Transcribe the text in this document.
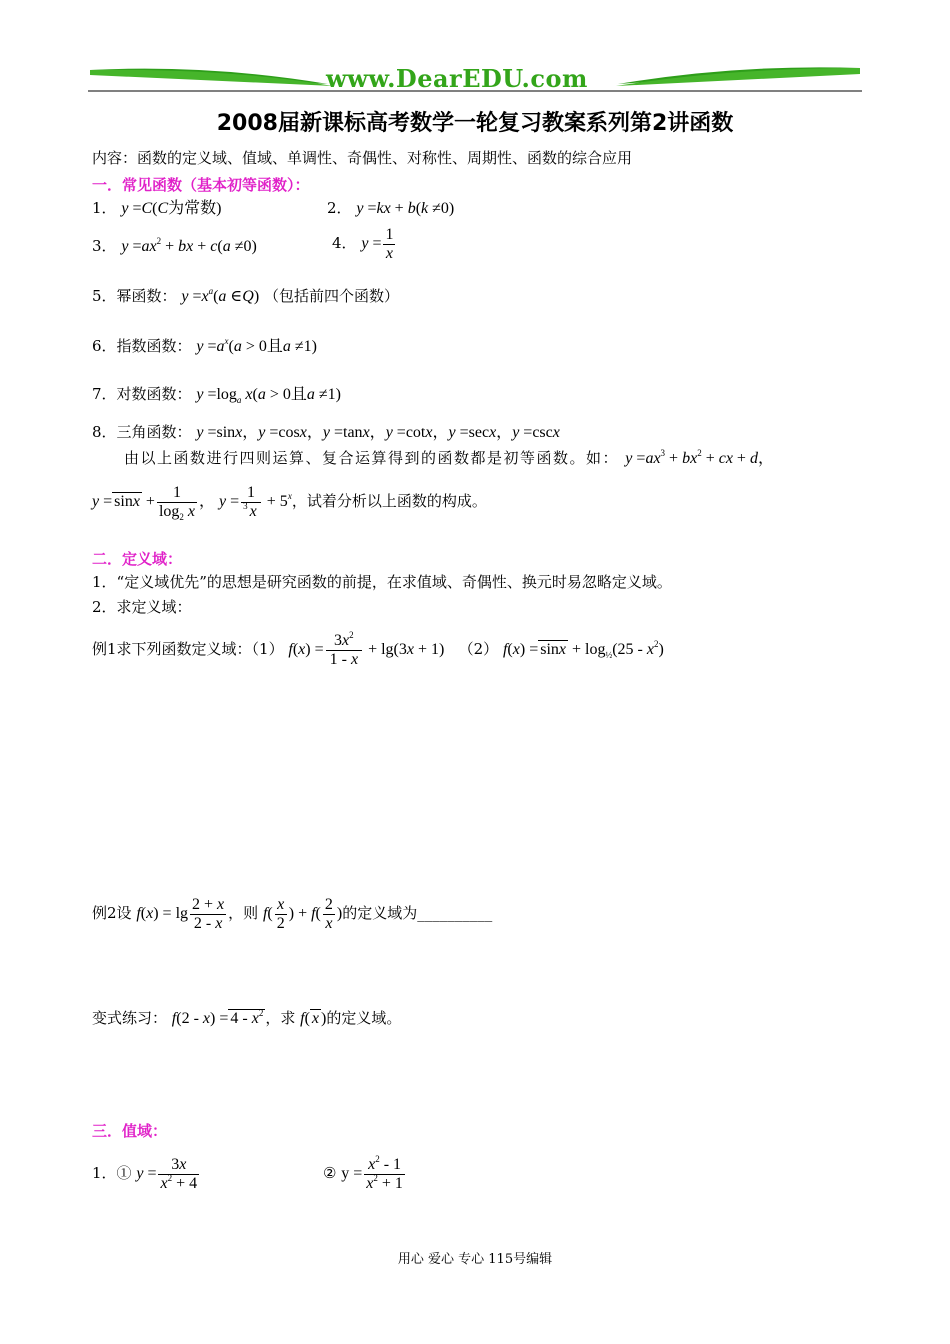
www.DearEDU.com
2008届新课标高考数学一轮复习教案系列第2讲函数
内容：函数的定义域、值域、单调性、奇偶性、对称性、周期性、函数的综合应用
一．常见函数（基本初等函数）：
1． y =C(C为常数)	2． y =kx + b(k ≠0)
3． $y =ax^2$ + bx + c(a ≠0)	4． $y = \frac{1}{x}$
5．幂函数： $y =x^a(a$ ∈Q) （包括前四个函数）
6．指数函数： $y =a^x(a > 0$且a ≠1)
7．对数函数： $y =\log_a$ x(a > 0且a ≠1)
8．三角函数： y =sinx，y =cosx，y =tanx，y =cotx，y =secx，y =cscx
由以上函数进行四则运算、复合运算得到的函数都是初等函数。如： $y =ax^3 + bx^2$ + cx + d，
$y = \sin x + \frac{1}{\log_2 x}$ ， $y = \frac{1}{^3 x} + 5^x$，试着分析以上函数的构成。
二．定义域：
1．“定义域优先”的思想是研究函数的前提，在求值域、奇偶性、换元时易忽略定义域。
2．求定义域：
例1求下列函数定义域：（1） $f(x) = \frac{3x^2}{1 - x} + \lg(3x + 1)$ （2） $f(x) = \sin x + \log_{\frac{1}{2}}(25 - x^2)$
例2设 $f(x) = \lg \frac{2 + x}{2 - x}$ ，则 $f( \frac{x}{2}$ ) + $f( \frac{2}{x}$ )的定义域为__________
变式练习： $f(2 - x) = 4 - x^2$ ，求 f( x )的定义域。
三．值域：
1．① $y = \frac{3x}{x^2 + 4}$	② $y = \frac{x^2 - 1}{x^2 + 1}$
用心 爱心 专心 115号编辑
